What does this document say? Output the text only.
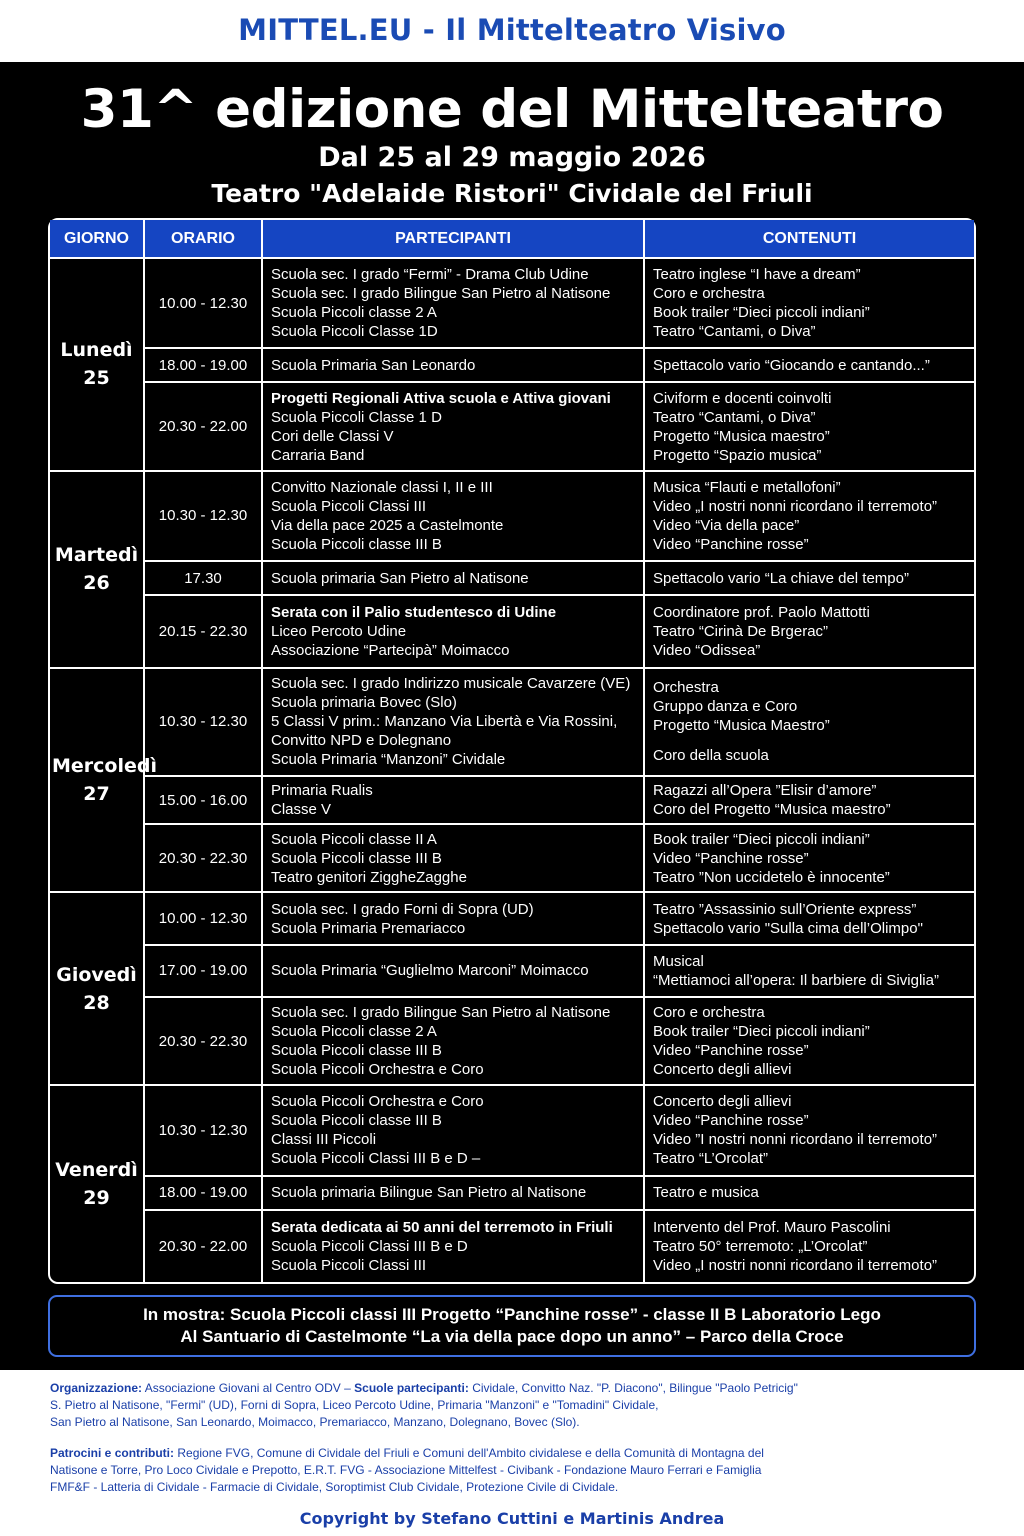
MITTEL.EU - Il Mittelteatro Visivo
31^ edizione del Mittelteatro
Dal 25 al 29 maggio 2026
Teatro "Adelaide Ristori" Cividale del Friuli
GIORNO	ORARIO	PARTECIPANTI	CONTENUTI

Lunedì
25	10.00 - 12.30	Scuola sec. I grado “Fermi” - Drama Club Udine
Scuola sec. I grado Bilingue San Pietro al Natisone
Scuola Piccoli classe 2 A
Scuola Piccoli Classe 1D	Teatro inglese “I have a dream”
Coro e orchestra
Book trailer “Dieci piccoli indiani”
Teatro “Cantami, o Diva”

	18.00 - 19.00	Scuola Primaria San Leonardo	Spettacolo vario “Giocando e cantando...”

	20.30 - 22.00	Progetti Regionali Attiva scuola e Attiva giovani
Scuola Piccoli Classe 1 D
Cori delle Classi V
Carraria Band	Civiform e docenti coinvolti
Teatro “Cantami, o Diva”
Progetto “Musica maestro”
Progetto “Spazio musica”

Martedì
26	10.30 - 12.30	Convitto Nazionale classi I, II e III
Scuola Piccoli Classi III
Via della pace 2025 a Castelmonte
Scuola Piccoli classe III B	Musica “Flauti e metallofoni”
Video „I nostri nonni ricordano il terremoto”
Video “Via della pace”
Video “Panchine rosse”

	17.30	Scuola primaria San Pietro al Natisone	Spettacolo vario “La chiave del tempo”

	20.15 - 22.30	Serata con il Palio studentesco di Udine
Liceo Percoto Udine
Associazione “Partecipà” Moimacco	Coordinatore prof. Paolo Mattotti
Teatro “Cirinà De Brgerac”
Video “Odissea”

Mercoledì
27	10.30 - 12.30	Scuola sec. I grado Indirizzo musicale Cavarzere (VE)
Scuola primaria Bovec (Slo)
5 Classi V prim.: Manzano Via Libertà e Via Rossini,
Convitto NPD e Dolegnano
Scuola Primaria “Manzoni” Cividale	Orchestra
Gruppo danza e Coro
Progetto “Musica Maestro”
Coro della scuola

	15.00 - 16.00	Primaria Rualis
Classe V	Ragazzi all’Opera ”Elisir d’amore”
Coro del Progetto “Musica maestro”

	20.30 - 22.30	Scuola Piccoli classe II A
Scuola Piccoli classe III B
Teatro genitori ZiggheZagghe	Book trailer “Dieci piccoli indiani”
Video “Panchine rosse”
Teatro ”Non uccidetelo è innocente”

Giovedì
28	10.00 - 12.30	Scuola sec. I grado Forni di Sopra (UD)
Scuola Primaria Premariacco	Teatro ”Assassinio sull’Oriente express”
Spettacolo vario "Sulla cima dell’Olimpo"

	17.00 - 19.00	Scuola Primaria “Guglielmo Marconi” Moimacco	Musical
“Mettiamoci all’opera: Il barbiere di Siviglia”

	20.30 - 22.30	Scuola sec. I grado Bilingue San Pietro al Natisone
Scuola Piccoli classe 2 A
Scuola Piccoli classe III B
Scuola Piccoli Orchestra e Coro	Coro e orchestra
Book trailer “Dieci piccoli indiani”
Video “Panchine rosse”
Concerto degli allievi

Venerdì
29	10.30 - 12.30	Scuola Piccoli Orchestra e Coro
Scuola Piccoli classe III B
Classi III Piccoli
Scuola Piccoli Classi III B e D –	Concerto degli allievi
Video “Panchine rosse”
Video ”I nostri nonni ricordano il terremoto”
Teatro “L’Orcolat”

	18.00 - 19.00	Scuola primaria Bilingue San Pietro al Natisone	Teatro e musica

	20.30 - 22.00	Serata dedicata ai 50 anni del terremoto in Friuli
Scuola Piccoli Classi III B e D
Scuola Piccoli Classi III	Intervento del Prof. Mauro Pascolini
Teatro 50° terremoto: „L’Orcolat”
Video „I nostri nonni ricordano il terremoto”
In mostra: Scuola Piccoli classi III Progetto “Panchine rosse” - classe II B Laboratorio Lego
Al Santuario di Castelmonte “La via della pace dopo un anno” – Parco della Croce
Organizzazione: Associazione Giovani al Centro ODV – Scuole partecipanti: Cividale, Convitto Naz. "P. Diacono", Bilingue "Paolo Petricig"
S. Pietro al Natisone, "Fermi" (UD), Forni di Sopra, Liceo Percoto Udine, Primaria "Manzoni" e "Tomadini" Cividale,
San Pietro al Natisone, San Leonardo, Moimacco, Premariacco, Manzano, Dolegnano, Bovec (Slo).
Patrocini e contributi: Regione FVG, Comune di Cividale del Friuli e Comuni dell'Ambito cividalese e della Comunità di Montagna del
Natisone e Torre, Pro Loco Cividale e Prepotto, E.R.T. FVG - Associazione Mittelfest - Civibank - Fondazione Mauro Ferrari e Famiglia
FMF&F - Latteria di Cividale - Farmacie di Cividale, Soroptimist Club Cividale, Protezione Civile di Cividale.
Copyright by Stefano Cuttini e Martinis Andrea
